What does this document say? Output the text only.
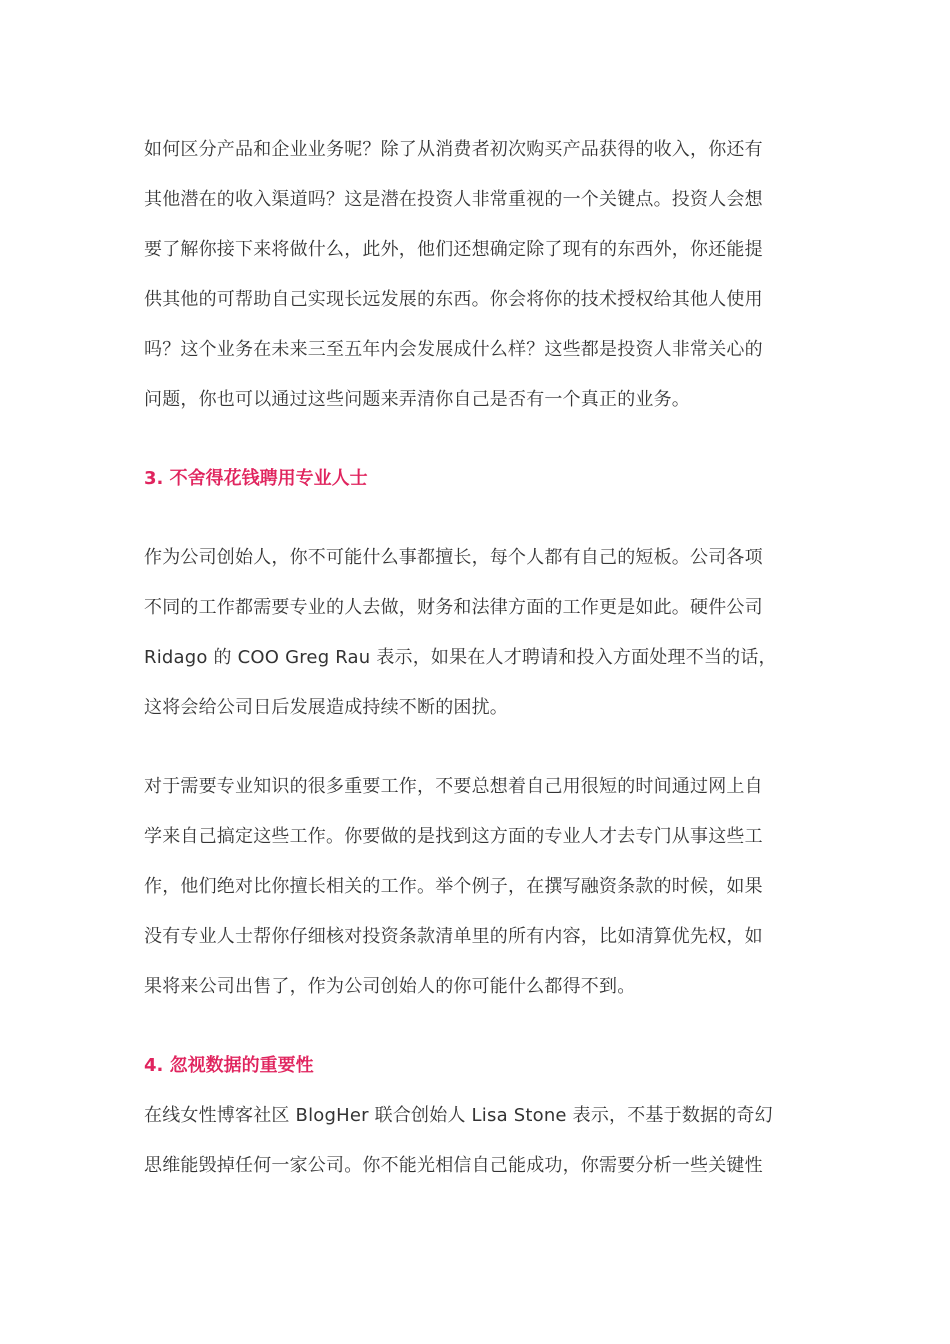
如何区分产品和企业业务呢？除了从消费者初次购买产品获得的收入，你还有
其他潜在的收入渠道吗？这是潜在投资人非常重视的一个关键点。投资人会想
要了解你接下来将做什么，此外，他们还想确定除了现有的东西外，你还能提
供其他的可帮助自己实现长远发展的东西。你会将你的技术授权给其他人使用
吗？这个业务在未来三至五年内会发展成什么样？这些都是投资人非常关心的
问题，你也可以通过这些问题来弄清你自己是否有一个真正的业务。
3. 不舍得花钱聘用专业人士
作为公司创始人，你不可能什么事都擅长，每个人都有自己的短板。公司各项
不同的工作都需要专业的人去做，财务和法律方面的工作更是如此。硬件公司
Ridago 的 COO Greg Rau 表示，如果在人才聘请和投入方面处理不当的话，
这将会给公司日后发展造成持续不断的困扰。
对于需要专业知识的很多重要工作，不要总想着自己用很短的时间通过网上自
学来自己搞定这些工作。你要做的是找到这方面的专业人才去专门从事这些工
作，他们绝对比你擅长相关的工作。举个例子，在撰写融资条款的时候，如果
没有专业人士帮你仔细核对投资条款清单里的所有内容，比如清算优先权，如
果将来公司出售了，作为公司创始人的你可能什么都得不到。
4. 忽视数据的重要性
在线女性博客社区 BlogHer 联合创始人 Lisa Stone 表示，不基于数据的奇幻
思维能毁掉任何一家公司。你不能光相信自己能成功，你需要分析一些关键性
